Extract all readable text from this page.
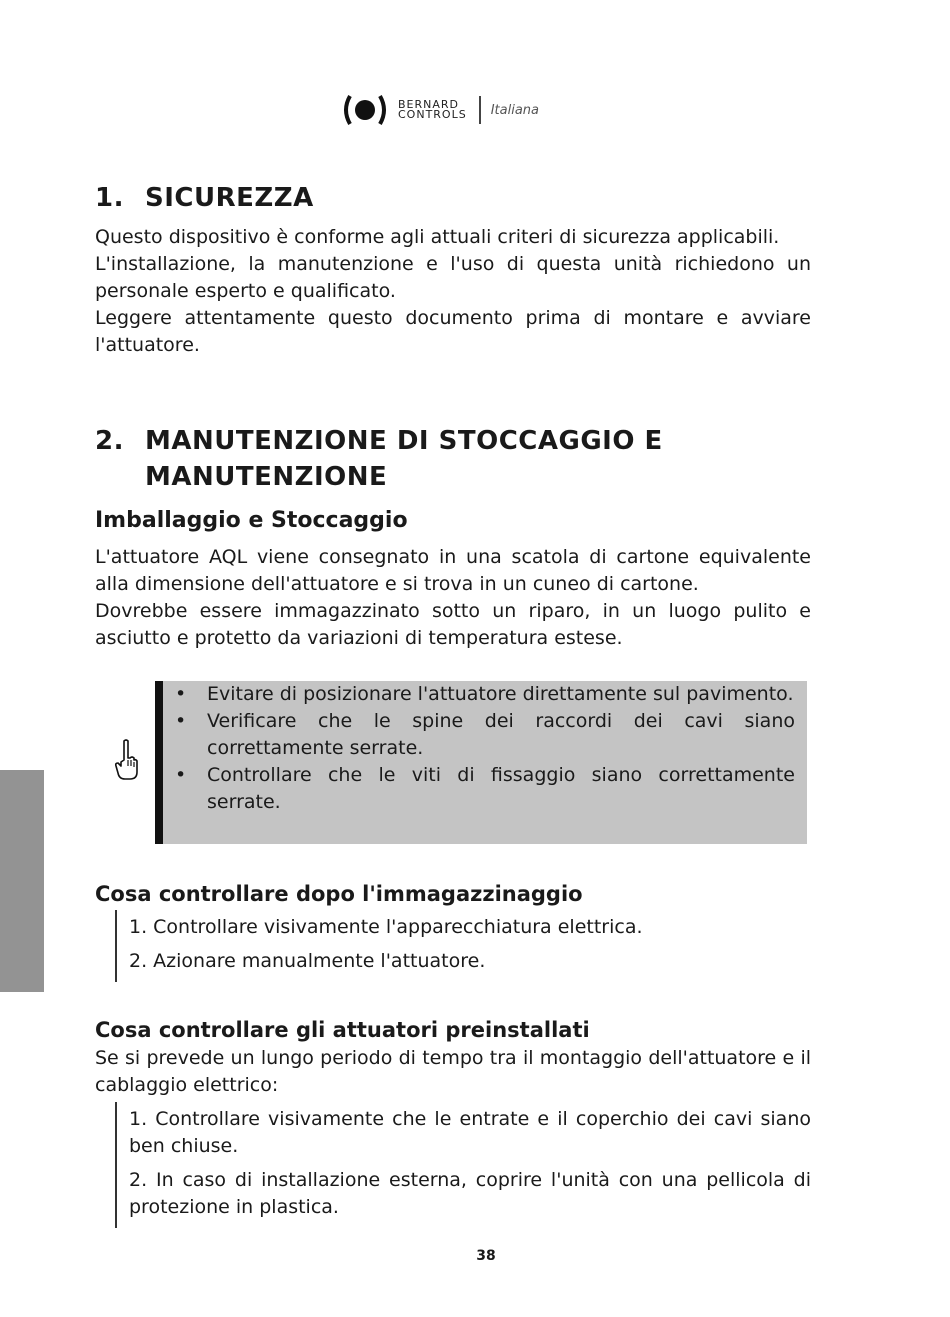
BERNARD
CONTROLS Italiana
1. SICUREZZA

Questo dispositivo è conforme agli attuali criteri di sicurezza applicabili.

L'installazione, la manutenzione e l'uso di questa unità richiedono un personale esperto e qualificato.

Leggere attentamente questo documento prima di montare e avviare l'attuatore.

2. MANUTENZIONE DI STOCCAGGIO E MANUTENZIONE
Imballaggio e Stoccaggio

L'attuatore AQL viene consegnato in una scatola di cartone equivalente alla dimensione dell'attuatore e si trova in un cuneo di cartone.

Dovrebbe essere immagazzinato sotto un riparo, in un luogo pulito e asciutto e protetto da variazioni di temperatura estese.

• Evitare di posizionare l'attuatore direttamente sul pavimento.
• Verificare che le spine dei raccordi dei cavi siano correttamente serrate.
• Controllare che le viti di fissaggio siano correttamente serrate.
Cosa controllare dopo l'immagazzinaggio
1. Controllare visivamente l'apparecchiatura elettrica.
2. Azionare manualmente l'attuatore.
Cosa controllare gli attuatori preinstallati

Se si prevede un lungo periodo di tempo tra il montaggio dell'attuatore e il cablaggio elettrico:

1. Controllare visivamente che le entrate e il coperchio dei cavi siano ben chiuse.
2. In caso di installazione esterna, coprire l'unità con una pellicola di protezione in plastica.
38
